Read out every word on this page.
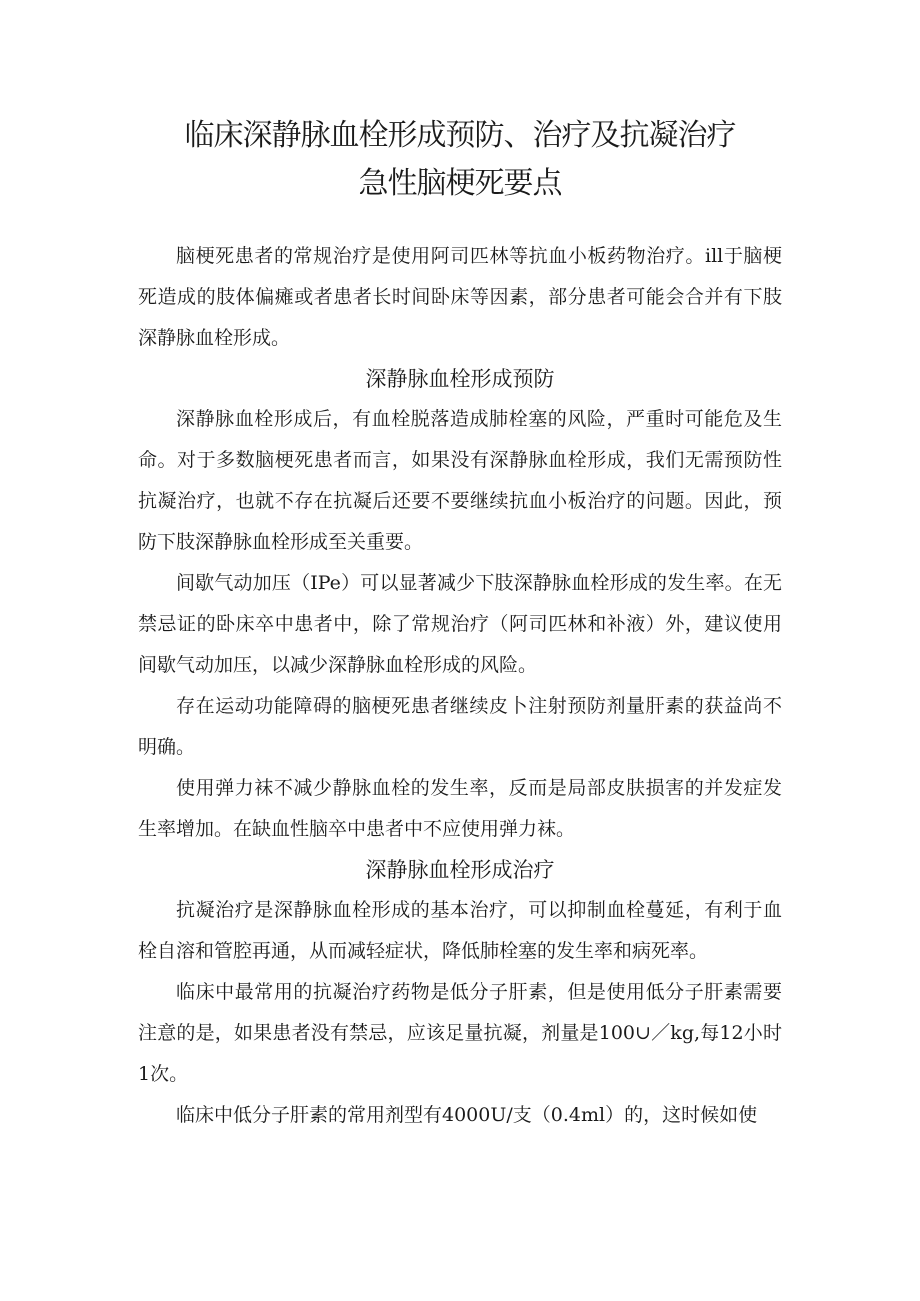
临床深静脉血栓形成预防、治疗及抗凝治疗
急性脑梗死要点

脑梗死患者的常规治疗是使用阿司匹林等抗血小板药物治疗。ill于脑梗死造成的肢体偏瘫或者患者长时间卧床等因素，部分患者可能会合并有下肢深静脉血栓形成。

深静脉血栓形成预防

深静脉血栓形成后，有血栓脱落造成肺栓塞的风险，严重时可能危及生命。对于多数脑梗死患者而言，如果没有深静脉血栓形成，我们无需预防性抗凝治疗，也就不存在抗凝后还要不要继续抗血小板治疗的问题。因此，预防下肢深静脉血栓形成至关重要。

间歇气动加压（IPe）可以显著减少下肢深静脉血栓形成的发生率。在无禁忌证的卧床卒中患者中，除了常规治疗（阿司匹林和补液）外，建议使用间歇气动加压，以减少深静脉血栓形成的风险。

存在运动功能障碍的脑梗死患者继续皮卜注射预防剂量肝素的获益尚不明确。

使用弹力袜不减少静脉血栓的发生率，反而是局部皮肤损害的并发症发生率增加。在缺血性脑卒中患者中不应使用弹力袜。

深静脉血栓形成治疗

抗凝治疗是深静脉血栓形成的基本治疗，可以抑制血栓蔓延，有利于血栓自溶和管腔再通，从而减轻症状，降低肺栓塞的发生率和病死率。

临床中最常用的抗凝治疗药物是低分子肝素，但是使用低分子肝素需要注意的是，如果患者没有禁忌，应该足量抗凝，剂量是100∪／kg,每12小时1次。

临床中低分子肝素的常用剂型有4000U/支（0.4ml）的，这时候如使
